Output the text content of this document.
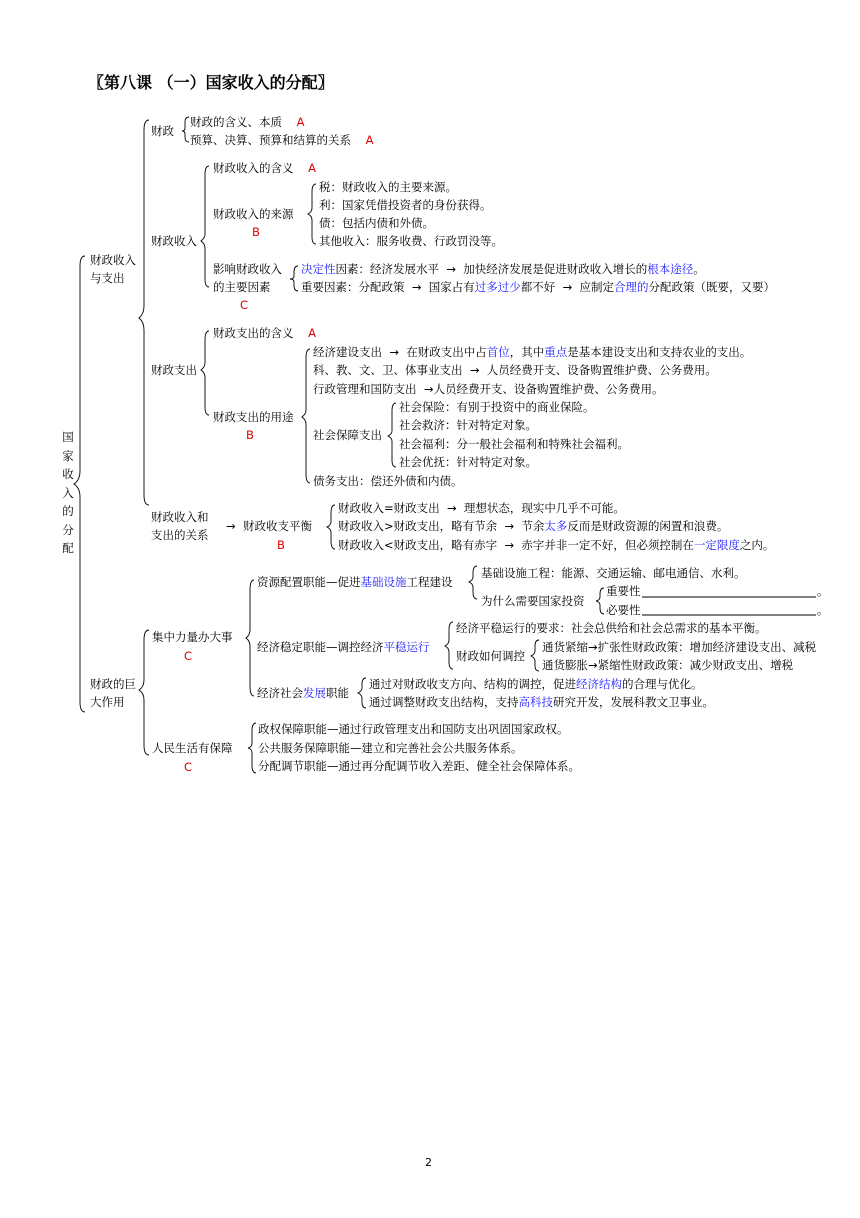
〖第八课 （一）国家收入的分配〗
国家收入的分配
财政收入
与支出
财政
财政的含义、本质 A
预算、决算、预算和结算的关系 A
财政收入
财政收入的含义 A
财政收入的来源
B
税：财政收入的主要来源。
利：国家凭借投资者的身份获得。
债：包括内债和外债。
其他收入：服务收费、行政罚没等。
影响财政收入
的主要因素
C
决定性因素：经济发展水平 → 加快经济发展是促进财政收入增长的根本途径。
重要因素：分配政策 → 国家占有过多过少都不好 → 应制定合理的分配政策（既要，又要）
财政支出
财政支出的含义 A
财政支出的用途
B
经济建设支出 → 在财政支出中占首位，其中重点是基本建设支出和支持农业的支出。
科、教、文、卫、体事业支出 → 人员经费开支、设备购置维护费、公务费用。
行政管理和国防支出 →人员经费开支、设备购置维护费、公务费用。
社会保障支出
社会保险：有别于投资中的商业保险。
社会救济：针对特定对象。
社会福利：分一般社会福利和特殊社会福利。
社会优抚：针对特定对象。
债务支出：偿还外债和内债。
财政收入和
支出的关系
→ 财政收支平衡
B
财政收入=财政支出 → 理想状态，现实中几乎不可能。
财政收入>财政支出，略有节余 → 节余太多反而是财政资源的闲置和浪费。
财政收入<财政支出，略有赤字 → 赤字并非一定不好，但必须控制在一定限度之内。
财政的巨
大作用
集中力量办大事
C
资源配置职能—促进基础设施工程建设
基础设施工程：能源、交通运输、邮电通信、水利。
为什么需要国家投资
重要性	。
必要性	。
经济稳定职能—调控经济平稳运行
经济平稳运行的要求：社会总供给和社会总需求的基本平衡。
财政如何调控
通货紧缩→扩张性财政政策：增加经济建设支出、减税
通货膨胀→紧缩性财政政策：减少财政支出、增税
经济社会发展职能
通过对财政收支方向、结构的调控，促进经济结构的合理与优化。
通过调整财政支出结构，支持高科技研究开发，发展科教文卫事业。
人民生活有保障
C
政权保障职能—通过行政管理支出和国防支出巩固国家政权。
公共服务保障职能—建立和完善社会公共服务体系。
分配调节职能—通过再分配调节收入差距、健全社会保障体系。
2
